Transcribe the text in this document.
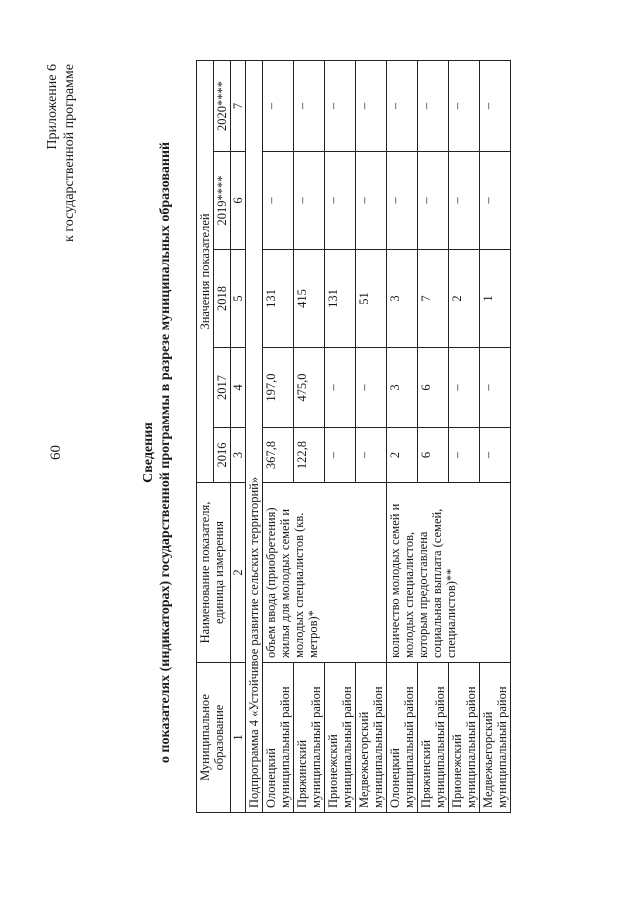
60
Приложение 6 к государственной программе
Сведения о показателях (индикаторах) государственной программы в разрезе муниципальных образований Муниципальное образование	Наименование показателя, единица измерения	Значения показателей				
		2016	2017	2018	2019****	2020****
1	2	3	4	5	6	7
Подпрограмма 4 «Устойчивое развитие сельских территорий»						
Олонецкий муниципальный район	объем ввода (приобретения) жилья для молодых семей и молодых специалистов (кв. метров)*	367,8	197,0	131	–	–
Пряжинский муниципальный район		122,8	475,0	415	–	–
Прионежский муниципальный район		–	–	131	–	–
Медвежьегорский муниципальный район		–	–	51	–	–
Олонецкий муниципальный район	количество молодых семей и молодых специалистов, которым предоставлена социальная выплата (семей, специалистов)**	2	3	3	–	–
Пряжинский муниципальный район		6	6	7	–	–
Прионежский муниципальный район		–	–	2	–	–
Медвежьегорский муниципальный район		–	–	1	–	–
